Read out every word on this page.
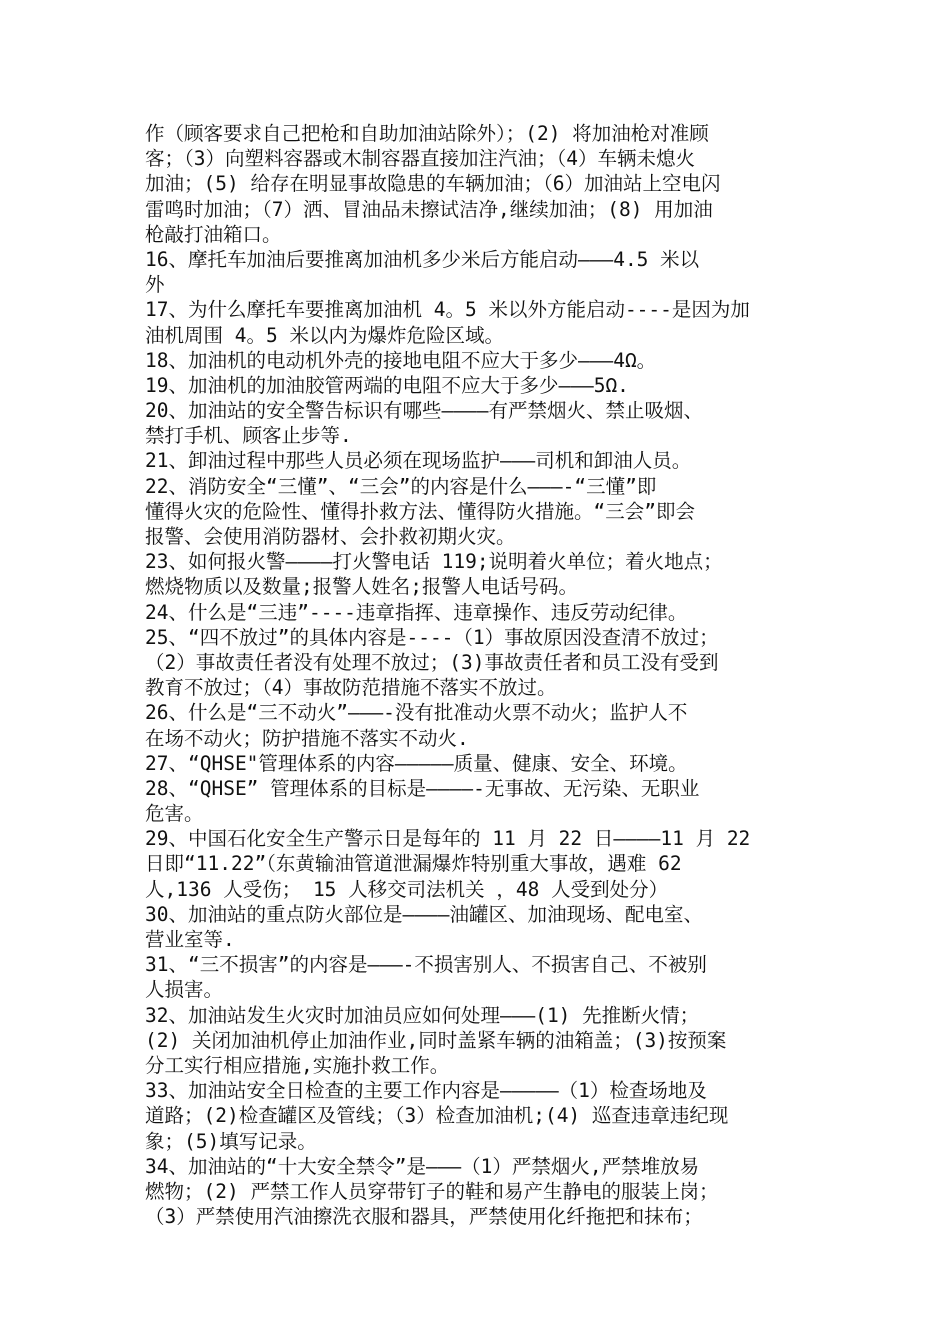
作（顾客要求自己把枪和自助加油站除外）；(2) 将加油枪对准顾
客；（3）向塑料容器或木制容器直接加注汽油；（4）车辆未熄火
加油；(5) 给存在明显事故隐患的车辆加油；（6）加油站上空电闪
雷鸣时加油；（7）洒、冒油品未擦试洁净,继续加油；(8) 用加油
枪敲打油箱口。
16、摩托车加油后要推离加油机多少米后方能启动———4.5 米以
外
17、为什么摩托车要推离加油机 4。5 米以外方能启动----是因为加
油机周围 4。5 米以内为爆炸危险区域。
18、加油机的电动机外壳的接地电阻不应大于多少———4Ω。
19、加油机的加油胶管两端的电阻不应大于多少———5Ω.
20、加油站的安全警告标识有哪些————有严禁烟火、禁止吸烟、
禁打手机、顾客止步等.
21、卸油过程中那些人员必须在现场监护———司机和卸油人员。
22、消防安全“三懂”、“三会”的内容是什么———-“三懂”即
懂得火灾的危险性、懂得扑救方法、懂得防火措施。“三会”即会
报警、会使用消防器材、会扑救初期火灾。
23、如何报火警————打火警电话 119;说明着火单位；着火地点；
燃烧物质以及数量;报警人姓名;报警人电话号码。
24、什么是“三违”----违章指挥、违章操作、违反劳动纪律。
25、“四不放过”的具体内容是----（1）事故原因没查清不放过；
（2）事故责任者没有处理不放过；(3)事故责任者和员工没有受到
教育不放过；（4）事故防范措施不落实不放过。
26、什么是“三不动火”———-没有批准动火票不动火；监护人不
在场不动火；防护措施不落实不动火.
27、“QHSE"管理体系的内容—————质量、健康、安全、环境。
28、“QHSE” 管理体系的目标是————-无事故、无污染、无职业
危害。
29、中国石化安全生产警示日是每年的 11 月 22 日————11 月 22
日即“11.22”（东黄输油管道泄漏爆炸特别重大事故，遇难 62
人,136 人受伤； 15 人移交司法机关 ，48 人受到处分）
30、加油站的重点防火部位是————油罐区、加油现场、配电室、
营业室等.
31、“三不损害”的内容是———-不损害别人、不损害自己、不被别
人损害。
32、加油站发生火灾时加油员应如何处理———(1) 先推断火情；
(2) 关闭加油机停止加油作业,同时盖紧车辆的油箱盖；(3)按预案
分工实行相应措施,实施扑救工作。
33、加油站安全日检查的主要工作内容是—————（1）检查场地及
道路；(2)检查罐区及管线；（3）检查加油机;(4) 巡查违章违纪现
象；(5)填写记录。
34、加油站的“十大安全禁令”是———（1）严禁烟火,严禁堆放易
燃物；(2) 严禁工作人员穿带钉子的鞋和易产生静电的服装上岗；
（3）严禁使用汽油擦洗衣服和器具，严禁使用化纤拖把和抹布；
